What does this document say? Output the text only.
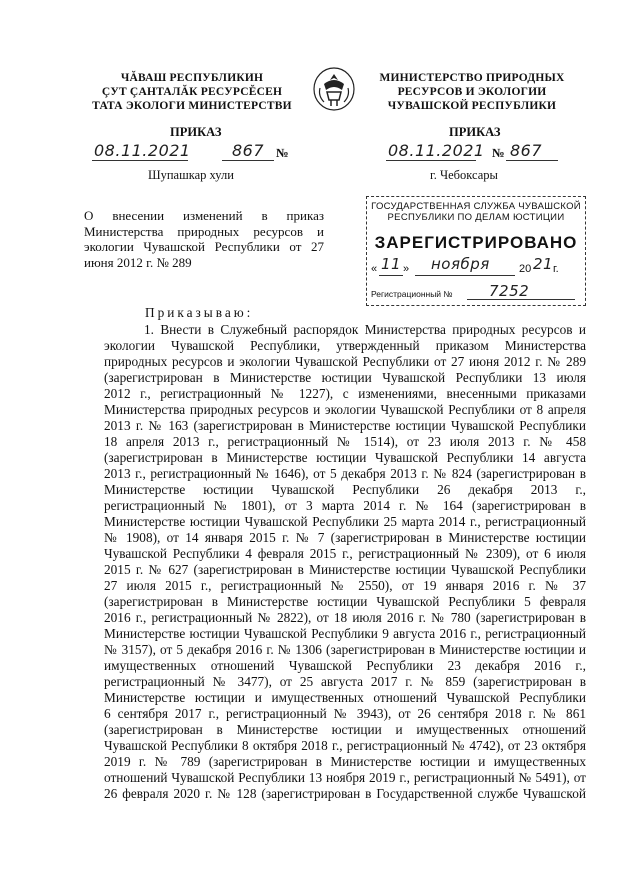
ЧĂВАШ РЕСПУБЛИКИН
ÇУТ ÇАНТАЛĂК РЕСУРСĔСЕН
ТАТА ЭКОЛОГИ МИНИСТЕРСТВИ
МИНИСТЕРСТВО ПРИРОДНЫХ
РЕСУРСОВ И ЭКОЛОГИИ
ЧУВАШСКОЙ РЕСПУБЛИКИ
ПРИКАЗ	ПРИКАЗ
08.11.2021	867 №	08.11.2021 № 867
Шупашкар хули	г. Чебоксары
О внесении изменений в приказ Министерства природных ресурсов и экологии Чувашской Республики от 27 июня 2012 г. № 289
ГОСУДАРСТВЕННАЯ СЛУЖБА ЧУВАШСКОЙ
РЕСПУБЛИКИ ПО ДЕЛАМ ЮСТИЦИИ
ЗАРЕГИСТРИРОВАНО
« 11 » ноября	20 21 г.
Регистрационный № 7252
Приказываю:

1. Внести в Служебный распорядок Министерства природных ресурсов и

экологии Чувашской Республики, утвержденный приказом Министерства

природных ресурсов и экологии Чувашской Республики от 27 июня 2012 г. № 289

(зарегистрирован в Министерстве юстиции Чувашской Республики 13 июля

2012 г., регистрационный № 1227), с изменениями, внесенными приказами

Министерства природных ресурсов и экологии Чувашской Республики от 8 апреля

2013 г. № 163 (зарегистрирован в Министерстве юстиции Чувашской Республики

18 апреля 2013 г., регистрационный № 1514), от 23 июля 2013 г. № 458

(зарегистрирован в Министерстве юстиции Чувашской Республики 14 августа

2013 г., регистрационный № 1646), от 5 декабря 2013 г. № 824 (зарегистрирован в

Министерстве юстиции Чувашской Республики 26 декабря 2013 г.,

регистрационный № 1801), от 3 марта 2014 г. № 164 (зарегистрирован в

Министерстве юстиции Чувашской Республики 25 марта 2014 г., регистрационный

№ 1908), от 14 января 2015 г. № 7 (зарегистрирован в Министерстве юстиции

Чувашской Республики 4 февраля 2015 г., регистрационный № 2309), от 6 июля

2015 г. № 627 (зарегистрирован в Министерстве юстиции Чувашской Республики

27 июля 2015 г., регистрационный № 2550), от 19 января 2016 г. № 37

(зарегистрирован в Министерстве юстиции Чувашской Республики 5 февраля

2016 г., регистрационный № 2822), от 18 июля 2016 г. № 780 (зарегистрирован в

Министерстве юстиции Чувашской Республики 9 августа 2016 г., регистрационный

№ 3157), от 5 декабря 2016 г. № 1306 (зарегистрирован в Министерстве юстиции и

имущественных отношений Чувашской Республики 23 декабря 2016 г.,

регистрационный № 3477), от 25 августа 2017 г. № 859 (зарегистрирован в

Министерстве юстиции и имущественных отношений Чувашской Республики

6 сентября 2017 г., регистрационный № 3943), от 26 сентября 2018 г. № 861

(зарегистрирован в Министерстве юстиции и имущественных отношений

Чувашской Республики 8 октября 2018 г., регистрационный № 4742), от 23 октября

2019 г. № 789 (зарегистрирован в Министерстве юстиции и имущественных

отношений Чувашской Республики 13 ноября 2019 г., регистрационный № 5491), от

26 февраля 2020 г. № 128 (зарегистрирован в Государственной службе Чувашской
